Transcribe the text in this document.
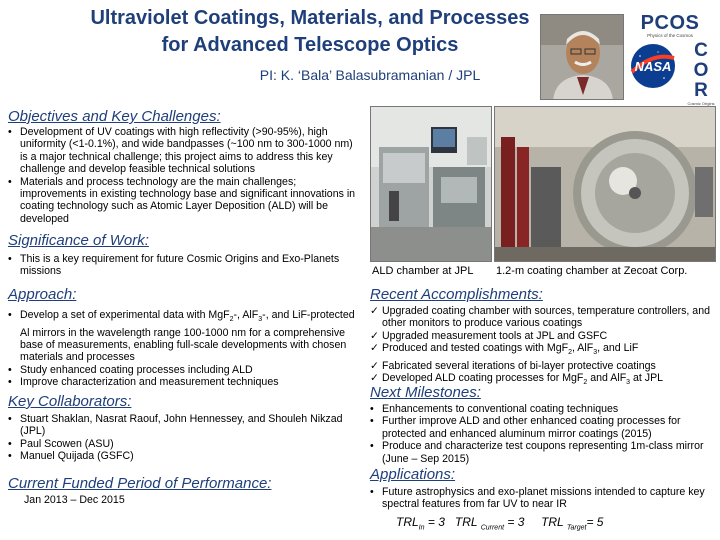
Ultraviolet Coatings, Materials, and Processes
for Advanced Telescope Optics
PI: K. ‘Bala’ Balasubramanian / JPL
PCOS
Physics of the Cosmos
NASA
COR
Cosmic Origins
Objectives and Key Challenges:
• Development of UV coatings with high reflectivity (>90-95%), high uniformity (<1-0.1%), and wide bandpasses (~100 nm to 300-1000 nm) is a major technical challenge; this project aims to address this key challenge and develop feasible technical solutions
• Materials and process technology are the main challenges; improvements in existing technology base and significant innovations in coating technology such as Atomic Layer Deposition (ALD) will be developed
Significance of Work:
• This is a key requirement for future Cosmic Origins and Exo-Planets missions
Approach:
• Develop a set of experimental data with MgF$_2$-, AlF$_3$-, and LiF-protected Al mirrors in the wavelength range 100-1000 nm for a comprehensive base of measurements, enabling full-scale developments with chosen materials and processes
• Study enhanced coating processes including ALD
• Improve characterization and measurement techniques
Key Collaborators:
• Stuart Shaklan, Nasrat Raouf, John Hennessey, and Shouleh Nikzad (JPL)
• Paul Scowen (ASU)
• Manuel Quijada (GSFC)
Current Funded Period of Performance:
Jan 2013 – Dec 2015
ALD chamber at JPL 1.2-m coating chamber at Zecoat Corp.
Recent Accomplishments:
✓ Upgraded coating chamber with sources, temperature controllers, and other monitors to produce various coatings
✓ Upgraded measurement tools at JPL and GSFC
✓ Produced and tested coatings with MgF$_2$, AlF$_3$, and LiF
✓ Fabricated several iterations of bi-layer protective coatings
✓ Developed ALD coating processes for MgF$_2$ and AlF$_3$ at JPL
Next Milestones:
• Enhancements to conventional coating techniques
• Further improve ALD and other enhanced coating processes for protected and enhanced aluminum mirror coatings (2015)
• Produce and characterize test coupons representing 1m-class mirror (June – Sep 2015)
Applications:
• Future astrophysics and exo-planet missions intended to capture key spectral features from far UV to near IR
$TRL_{In} = 3$ TRL $_{Current}$ = 3 TRL $_{Target}$= 5
